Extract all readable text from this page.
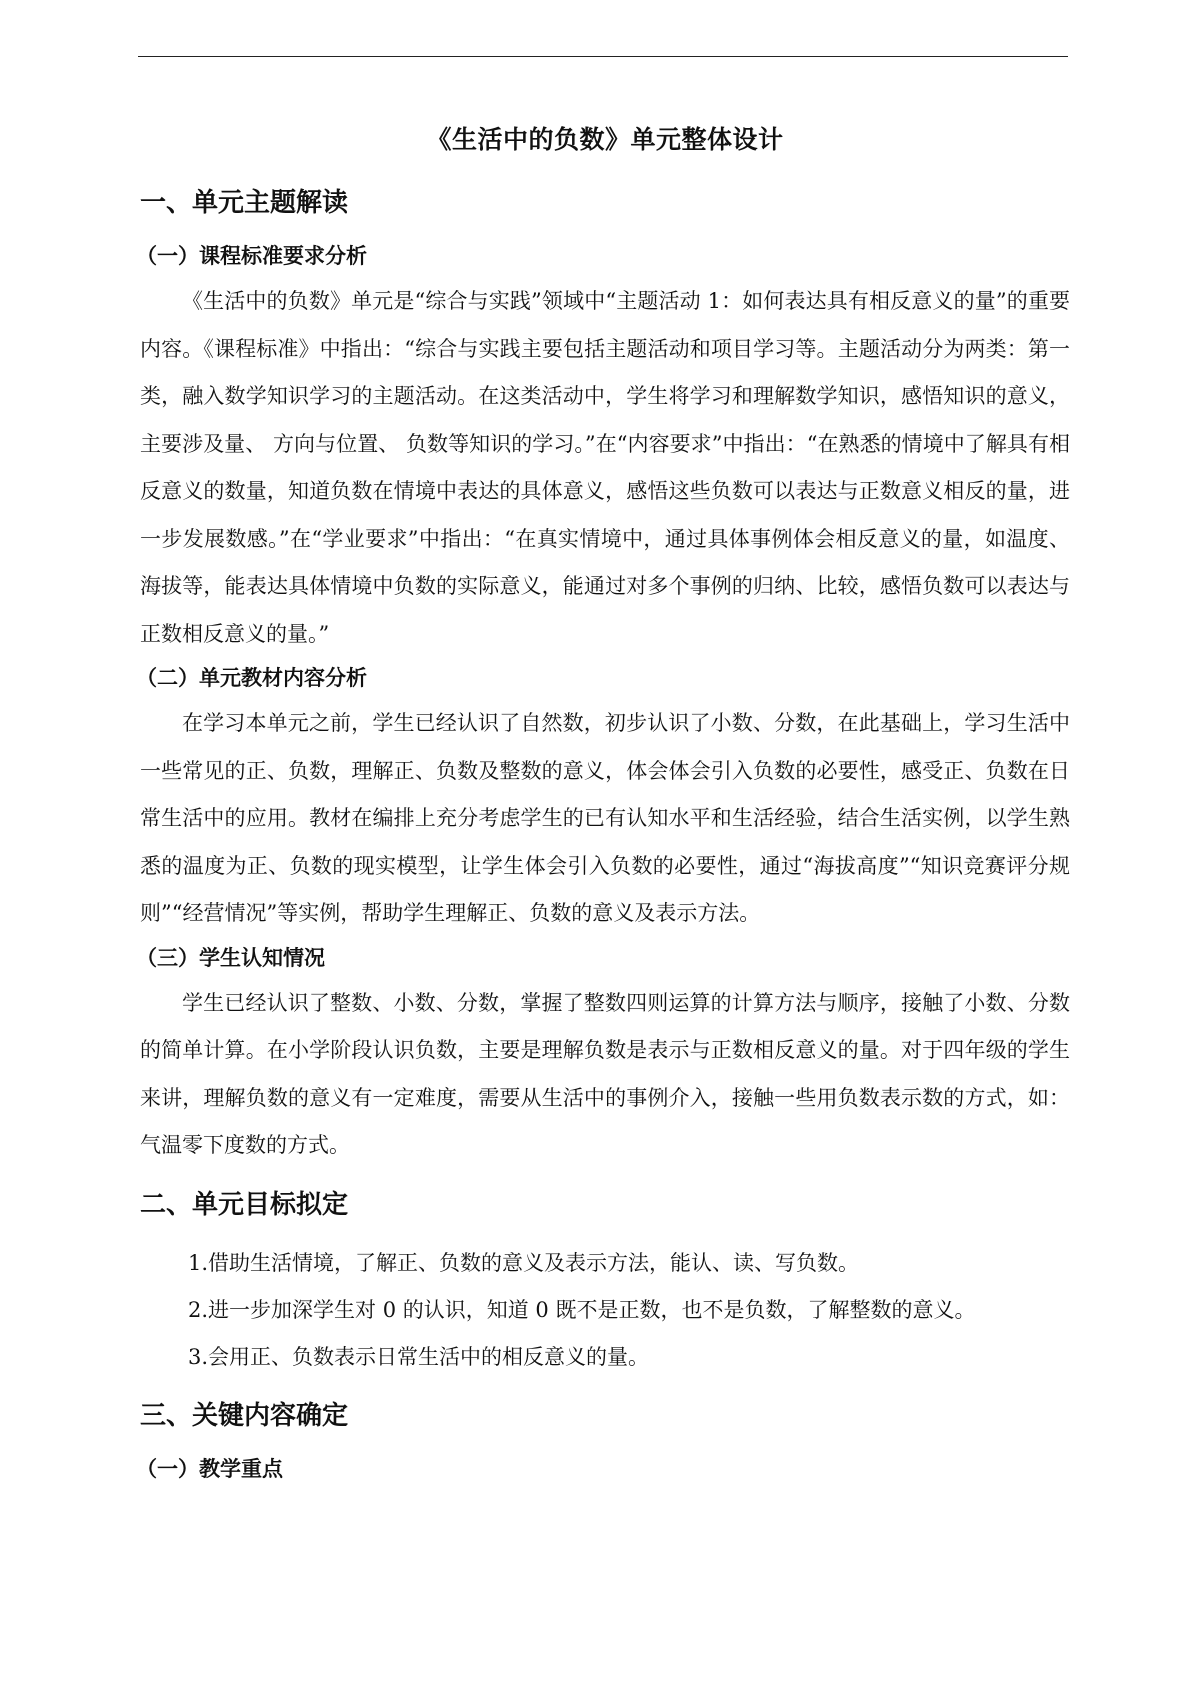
《生活中的负数》单元整体设计
一、单元主题解读
（一）课程标准要求分析

《生活中的负数》单元是“综合与实践”领域中“主题活动 1：如何表达具有相反意义的量”的重要内容。《课程标准》中指出：“综合与实践主要包括主题活动和项目学习等。主题活动分为两类：第一类，融入数学知识学习的主题活动。在这类活动中，学生将学习和理解数学知识，感悟知识的意义，主要涉及量、 方向与位置、 负数等知识的学习。”在“内容要求”中指出：“在熟悉的情境中了解具有相反意义的数量，知道负数在情境中表达的具体意义，感悟这些负数可以表达与正数意义相反的量，进一步发展数感。”在“学业要求”中指出：“在真实情境中，通过具体事例体会相反意义的量，如温度、海拔等，能表达具体情境中负数的实际意义，能通过对多个事例的归纳、比较，感悟负数可以表达与正数相反意义的量。”

（二）单元教材内容分析

在学习本单元之前，学生已经认识了自然数，初步认识了小数、分数，在此基础上，学习生活中一些常见的正、负数，理解正、负数及整数的意义，体会体会引入负数的必要性，感受正、负数在日常生活中的应用。教材在编排上充分考虑学生的已有认知水平和生活经验，结合生活实例，以学生熟悉的温度为正、负数的现实模型，让学生体会引入负数的必要性，通过“海拔高度”“知识竞赛评分规则”“经营情况”等实例，帮助学生理解正、负数的意义及表示方法。

（三）学生认知情况

学生已经认识了整数、小数、分数，掌握了整数四则运算的计算方法与顺序，接触了小数、分数的简单计算。在小学阶段认识负数，主要是理解负数是表示与正数相反意义的量。对于四年级的学生来讲，理解负数的意义有一定难度，需要从生活中的事例介入，接触一些用负数表示数的方式，如：气温零下度数的方式。

二、单元目标拟定

1.借助生活情境，了解正、负数的意义及表示方法，能认、读、写负数。

2.进一步加深学生对 0 的认识，知道 0 既不是正数，也不是负数，了解整数的意义。

3.会用正、负数表示日常生活中的相反意义的量。

三、关键内容确定
（一）教学重点
